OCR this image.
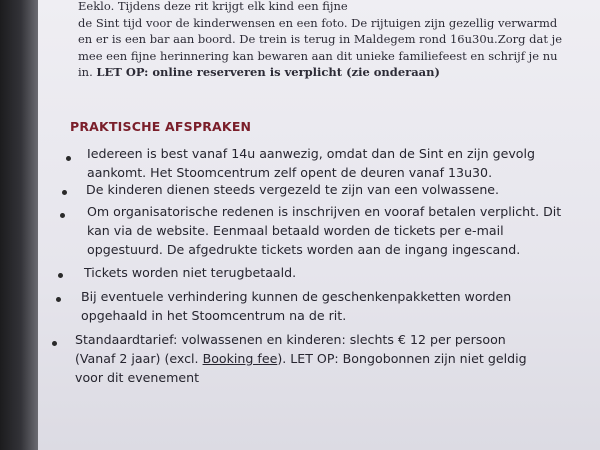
Eeklo. Tijdens deze rit krijgt elk kind een fijne

de Sint tijd voor de kinderwensen en een foto. De rijtuigen zijn gezellig verwarmd

en er is een bar aan boord. De trein is terug in Maldegem rond 16u30u.Zorg dat je

mee een fijne herinnering kan bewaren aan dit unieke familiefeest en schrijf je nu

in. LET OP: online reserveren is verplicht (zie onderaan)

PRAKTISCHE AFSPRAKEN
Iedereen is best vanaf 14u aanwezig, omdat dan de Sint en zijn gevolg
aankomt. Het Stoomcentrum zelf opent de deuren vanaf 13u30.
De kinderen dienen steeds vergezeld te zijn van een volwassene.
Om organisatorische redenen is inschrijven en vooraf betalen verplicht. Dit
kan via de website. Eenmaal betaald worden de tickets per e-mail
opgestuurd. De afgedrukte tickets worden aan de ingang ingescand.
Tickets worden niet terugbetaald.
Bij eventuele verhindering kunnen de geschenkenpakketten worden
opgehaald in het Stoomcentrum na de rit.
Standaardtarief: volwassenen en kinderen: slechts € 12 per persoon
(Vanaf 2 jaar) (excl. Booking fee). LET OP: Bongobonnen zijn niet geldig
voor dit evenement
